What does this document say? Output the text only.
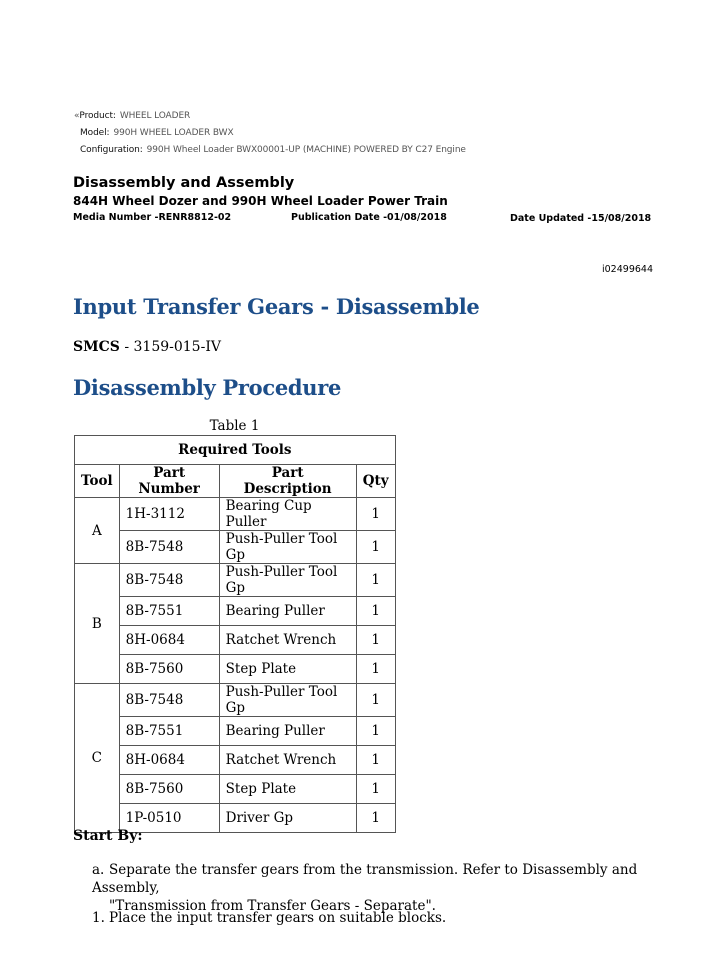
«Product: WHEEL LOADER
Model: 990H WHEEL LOADER BWX
Configuration: 990H Wheel Loader BWX00001-UP (MACHINE) POWERED BY C27 Engine
Disassembly and Assembly
844H Wheel Dozer and 990H Wheel Loader Power Train
Media Number -RENR8812-02	Publication Date -01/08/2018	Date Updated -15/08/2018
i02499644
Input Transfer Gears - Disassemble
SMCS - 3159-015-IV
Disassembly Procedure
Table 1
Required Tools			
Tool	Part Number	Part Description	Qty
A	1H-3112	Bearing Cup Puller	1
	8B-7548	Push-Puller Tool Gp	1
B	8B-7548	Push-Puller Tool Gp	1
	8B-7551	Bearing Puller	1
	8H-0684	Ratchet Wrench	1
	8B-7560	Step Plate	1
C	8B-7548	Push-Puller Tool Gp	1
	8B-7551	Bearing Puller	1
	8H-0684	Ratchet Wrench	1
	8B-7560	Step Plate	1
	1P-0510	Driver Gp	1
Start By:
a. Separate the transfer gears from the transmission. Refer to Disassembly and Assembly,
"Transmission from Transfer Gears - Separate".
1. Place the input transfer gears on suitable blocks.
